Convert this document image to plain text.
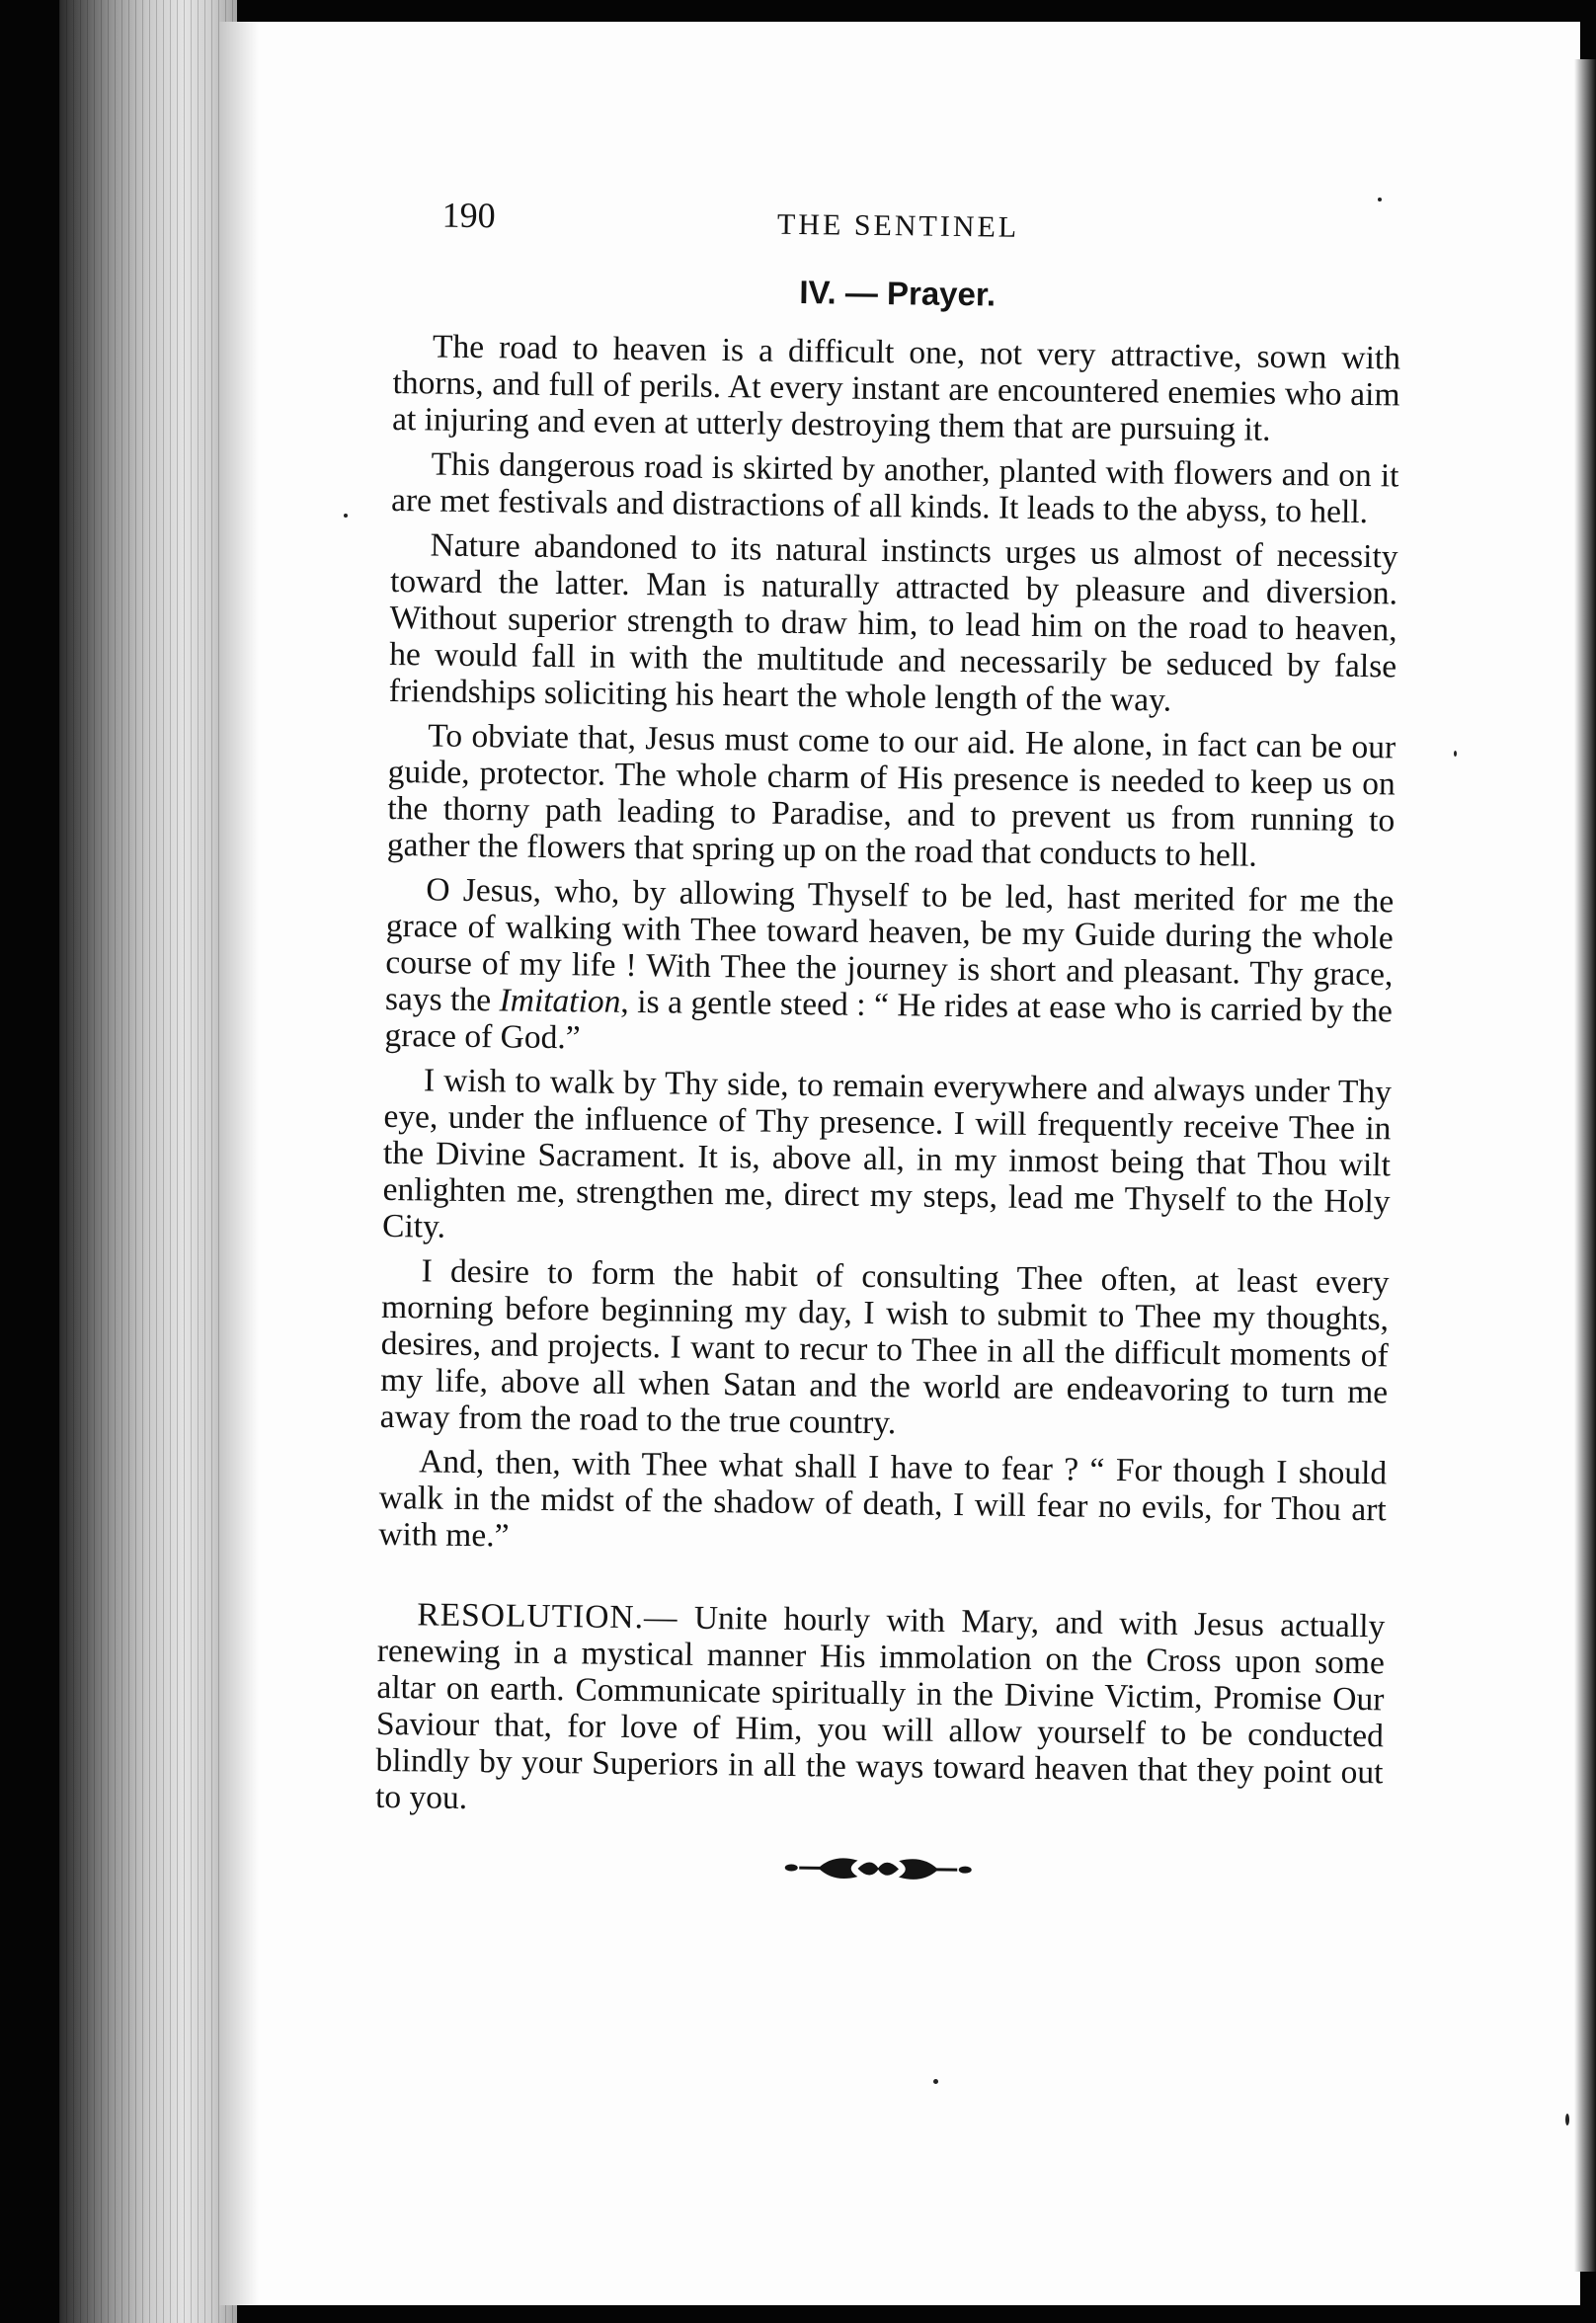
190	THE SENTINEL
IV. — Prayer.

The road to heaven is a difficult one, not very attractive, sown with thorns, and full of perils. At every instant are encountered enemies who aim at injuring and even at utterly destroying them that are pursuing it.

This dangerous road is skirted by another, planted with flowers and on it are met festivals and distractions of all kinds. It leads to the abyss, to hell.

Nature abandoned to its natural instincts urges us almost of necessity toward the latter. Man is naturally attracted by pleasure and diversion. Without superior strength to draw him, to lead him on the road to heaven, he would fall in with the multitude and necessarily be seduced by false friendships soliciting his heart the whole length of the way.

To obviate that, Jesus must come to our aid. He alone, in fact can be our guide, protector. The whole charm of His presence is needed to keep us on the thorny path leading to Paradise, and to prevent us from running to gather the flowers that spring up on the road that conducts to hell.

O Jesus, who, by allowing Thyself to be led, hast merited for me the grace of walking with Thee toward heaven, be my Guide during the whole course of my life ! With Thee the journey is short and pleasant. Thy grace, says the Imitation, is a gentle steed : “ He rides at ease who is carried by the grace of God.”

I wish to walk by Thy side, to remain everywhere and always under Thy eye, under the influence of Thy presence. I will frequently receive Thee in the Divine Sacrament. It is, above all, in my inmost being that Thou wilt enlighten me, strengthen me, direct my steps, lead me Thyself to the Holy City.

I desire to form the habit of consulting Thee often, at least every morning before beginning my day, I wish to submit to Thee my thoughts, desires, and projects. I want to recur to Thee in all the difficult moments of my life, above all when Satan and the world are endeavoring to turn me away from the road to the true country.

And, then, with Thee what shall I have to fear ? “ For though I should walk in the midst of the shadow of death, I will fear no evils, for Thou art with me.”

RESOLUTION.— Unite hourly with Mary, and with Jesus actually renewing in a mystical manner His immolation on the Cross upon some altar on earth. Communicate spiritually in the Divine Victim, Promise Our Saviour that, for love of Him, you will allow yourself to be conducted blindly by your Superiors in all the ways toward heaven that they point out to you.
